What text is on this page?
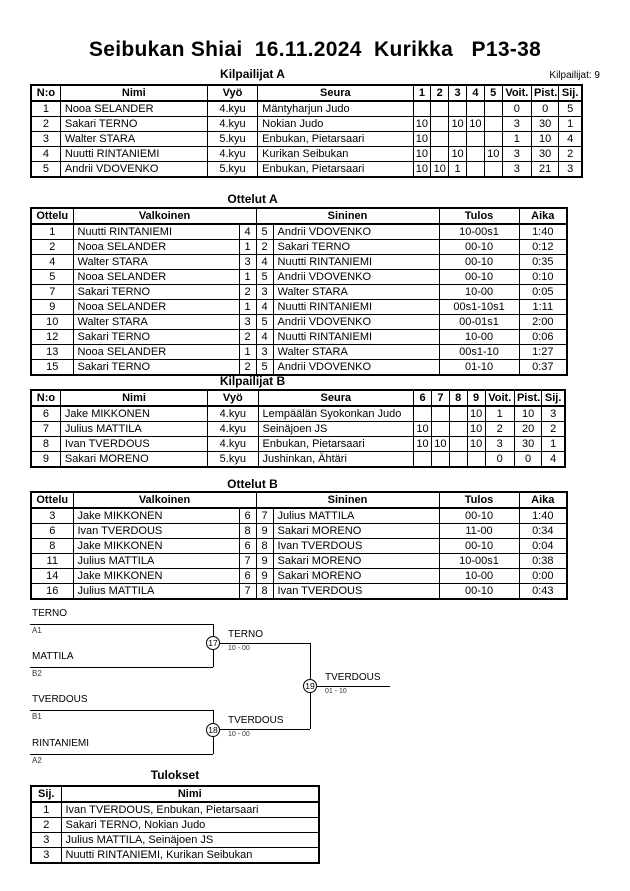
Seibukan Shiai  16.11.2024  Kurikka   P13-38
Kilpailijat: 9
Kilpailijat A
N:o	Nimi	Vyö	Seura	1	2	3	4	5	Voit.	Pist.	Sij.
1	Nooa SELANDER	4.kyu	Mäntyharjun Judo						0	0	5
2	Sakari TERNO	4.kyu	Nokian Judo	10		10	10		3	30	1
3	Walter STARA	5.kyu	Enbukan, Pietarsaari	10					1	10	4
4	Nuutti RINTANIEMI	4.kyu	Kurikan Seibukan	10		10		10	3	30	2
5	Andrii VDOVENKO	5.kyu	Enbukan, Pietarsaari	10	10	1			3	21	3
Ottelut A
Ottelu	Valkoinen		Sininen		Tulos	Aika
1	Nuutti RINTANIEMI	4	5	Andrii VDOVENKO	10-00s1	1:40
2	Nooa SELANDER	1	2	Sakari TERNO	00-10	0:12
4	Walter STARA	3	4	Nuutti RINTANIEMI	00-10	0:35
5	Nooa SELANDER	1	5	Andrii VDOVENKO	00-10	0:10
7	Sakari TERNO	2	3	Walter STARA	10-00	0:05
9	Nooa SELANDER	1	4	Nuutti RINTANIEMI	00s1-10s1	1:11
10	Walter STARA	3	5	Andrii VDOVENKO	00-01s1	2:00
12	Sakari TERNO	2	4	Nuutti RINTANIEMI	10-00	0:06
13	Nooa SELANDER	1	3	Walter STARA	00s1-10	1:27
15	Sakari TERNO	2	5	Andrii VDOVENKO	01-10	0:37
Kilpailijat B
N:o	Nimi	Vyö	Seura	6	7	8	9	Voit.	Pist.	Sij.
6	Jake MIKKONEN	4.kyu	Lempäälän Syokonkan Judo				10	1	10	3
7	Julius MATTILA	4.kyu	Seinäjoen JS	10			10	2	20	2
8	Ivan TVERDOUS	4.kyu	Enbukan, Pietarsaari	10	10		10	3	30	1
9	Sakari MORENO	5.kyu	Jushinkan, Ähtäri					0	0	4
Ottelut B
Ottelu	Valkoinen		Sininen		Tulos	Aika
3	Jake MIKKONEN	6	7	Julius MATTILA	00-10	1:40
6	Ivan TVERDOUS	8	9	Sakari MORENO	11-00	0:34
8	Jake MIKKONEN	6	8	Ivan TVERDOUS	00-10	0:04
11	Julius MATTILA	7	9	Sakari MORENO	10-00s1	0:38
14	Jake MIKKONEN	6	9	Sakari MORENO	10-00	0:00
16	Julius MATTILA	7	8	Ivan TVERDOUS	00-10	0:43
TERNO
A1
MATTILA
B2
TERNO
10 - 00
17
TVERDOUS
01 - 10
19
TVERDOUS
B1
RINTANIEMI
A2
TVERDOUS
10 - 00
18
Tulokset
Sij.	Nimi
1	Ivan TVERDOUS, Enbukan, Pietarsaari
2	Sakari TERNO, Nokian Judo
3	Julius MATTILA, Seinäjoen JS
3	Nuutti RINTANIEMI, Kurikan Seibukan
